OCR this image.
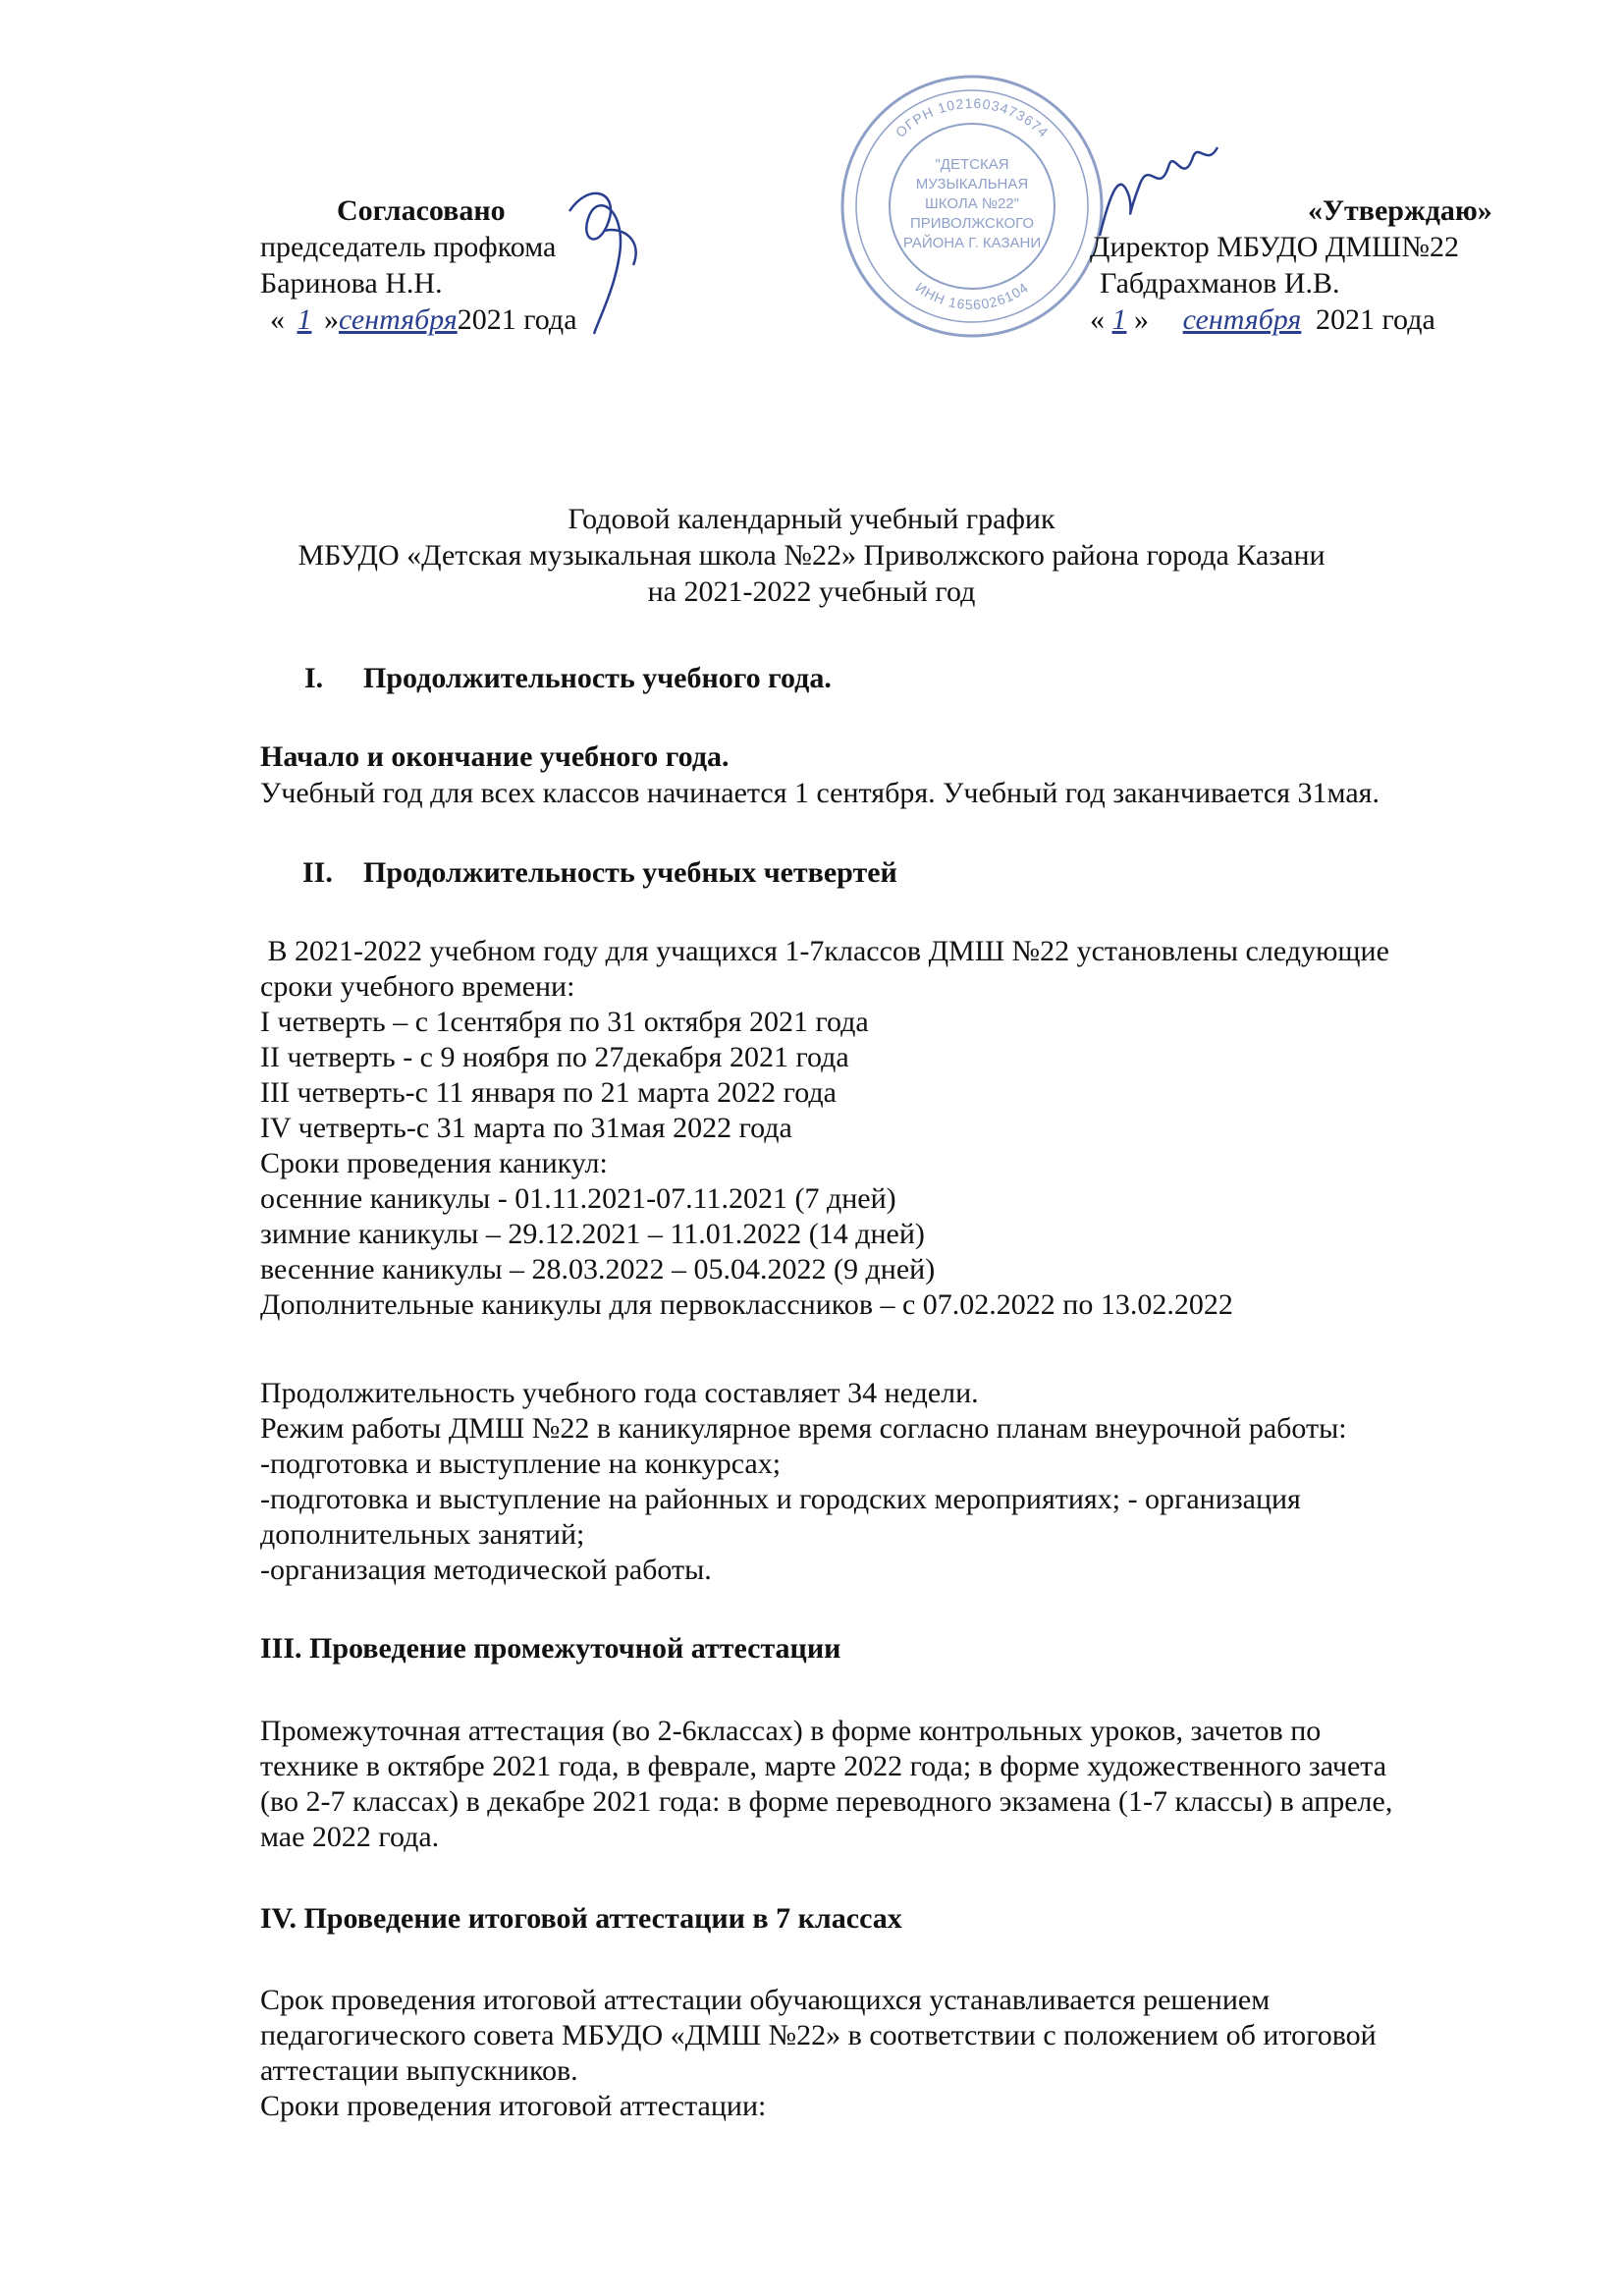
ОГРН 1021603473674
ИНН 1656026104
"ДЕТСКАЯ
МУЗЫКАЛЬНАЯ
ШКОЛА №22"
ПРИВОЛЖСКОГО
РАЙОНА Г. КАЗАНИ
Согласовано
председатель профкома
Баринова Н.Н.
« 1 »сентября2021 года
«Утверждаю»
Директор МБУДО ДМШ№22
Габдрахманов И.В.
« 1 » сентября 2021 года
Годовой календарный учебный график
МБУДО «Детская музыкальная школа №22» Приволжского района города Казани
на 2021-2022 учебный год
I. Продолжительность учебного года.
Начало и окончание учебного года.
Учебный год для всех классов начинается 1 сентября. Учебный год заканчивается 31мая.
II. Продолжительность учебных четвертей
В 2021-2022 учебном году для учащихся 1-7классов ДМШ №22 установлены следующие
сроки учебного времени:
I четверть – с 1сентября по 31 октября 2021 года
II четверть - с 9 ноября по 27декабря 2021 года
III четверть-с 11 января по 21 марта 2022 года
IV четверть-с 31 марта по 31мая 2022 года
Сроки проведения каникул:
осенние каникулы - 01.11.2021-07.11.2021 (7 дней)
зимние каникулы – 29.12.2021 – 11.01.2022 (14 дней)
весенние каникулы – 28.03.2022 – 05.04.2022 (9 дней)
Дополнительные каникулы для первоклассников – с 07.02.2022 по 13.02.2022
Продолжительность учебного года составляет 34 недели.
Режим работы ДМШ №22 в каникулярное время согласно планам внеурочной работы:
-подготовка и выступление на конкурсах;
-подготовка и выступление на районных и городских мероприятиях; - организация
дополнительных занятий;
-организация методической работы.
III. Проведение промежуточной аттестации
Промежуточная аттестация (во 2-6классах) в форме контрольных уроков, зачетов по
технике в октябре 2021 года, в феврале, марте 2022 года; в форме художественного зачета
(во 2-7 классах) в декабре 2021 года: в форме переводного экзамена (1-7 классы) в апреле,
мае 2022 года.
IV. Проведение итоговой аттестации в 7 классах
Срок проведения итоговой аттестации обучающихся устанавливается решением
педагогического совета МБУДО «ДМШ №22» в соответствии с положением об итоговой
аттестации выпускников.
Сроки проведения итоговой аттестации:
